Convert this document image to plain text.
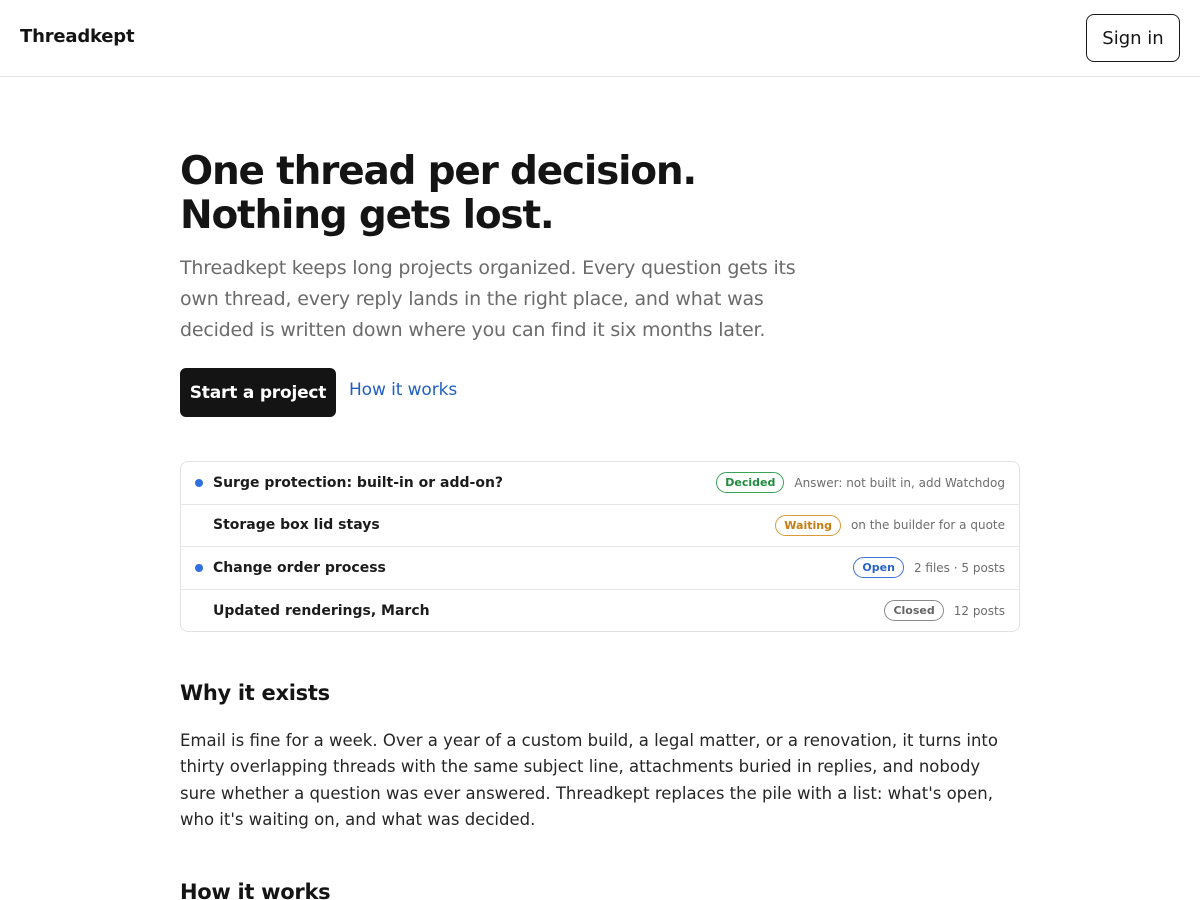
Threadkept	Sign in
One thread per decision.
Nothing gets lost.

Threadkept keeps long projects organized. Every question gets its own thread, every reply lands in the right place, and what was decided is written down where you can find it six months later.

Start a project	How it works
Surge protection: built-in or add-on?	Decided	Answer: not built in, add Watchdog
Storage box lid stays	Waiting	on the builder for a quote
Change order process	Open	2 files · 5 posts
Updated renderings, March	Closed	12 posts
Why it exists

Email is fine for a week. Over a year of a custom build, a legal matter, or a renovation, it turns into thirty overlapping threads with the same subject line, attachments buried in replies, and nobody sure whether a question was ever answered. Threadkept replaces the pile with a list: what's open, who it's waiting on, and what was decided.

How it works
